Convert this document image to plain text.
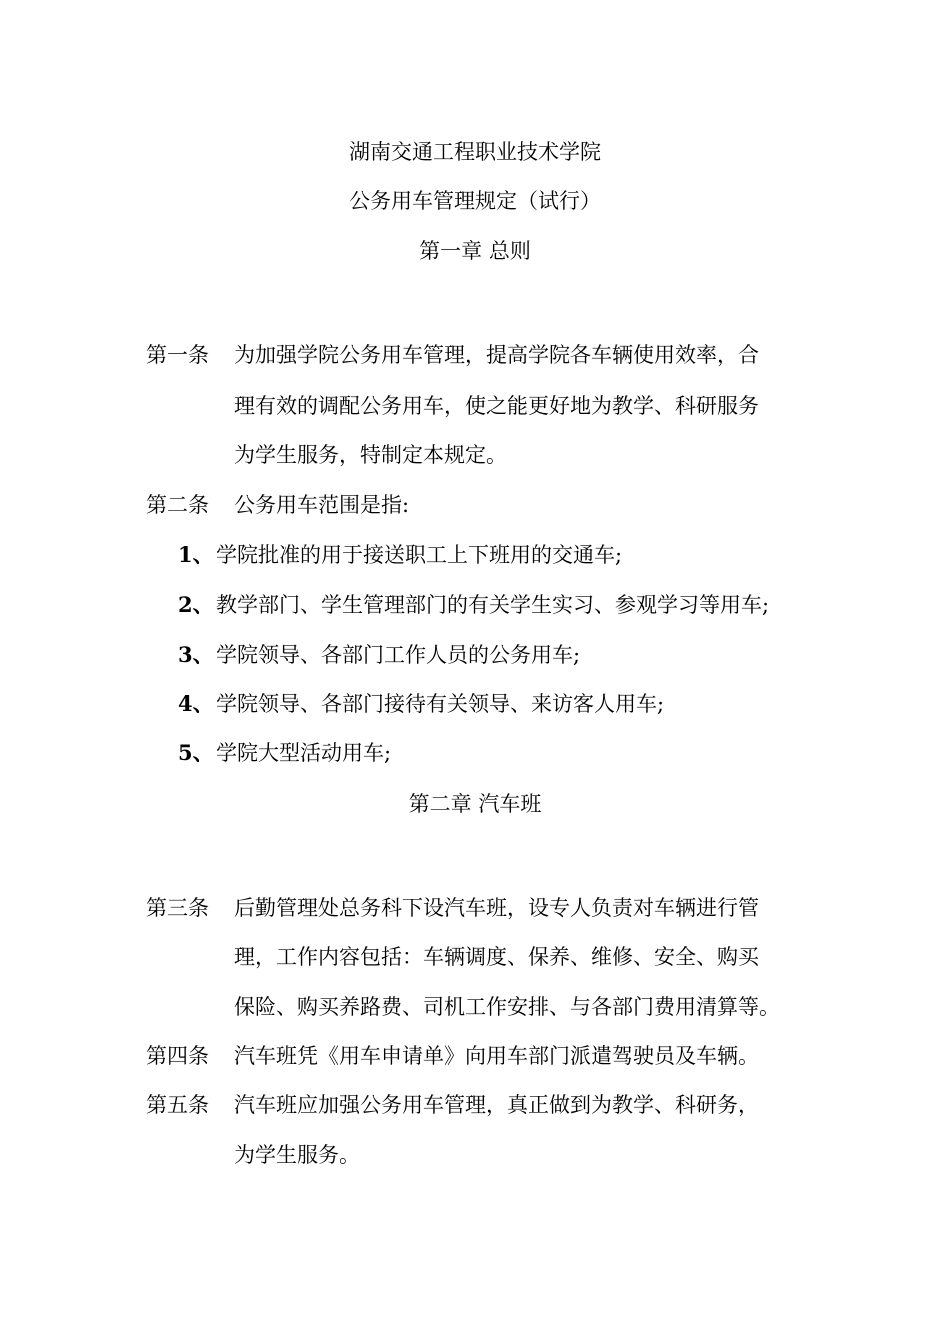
湖南交通工程职业技术学院
公务用车管理规定（试行）
第一章 总则
第一条 为加强学院公务用车管理，提高学院各车辆使用效率，合
理有效的调配公务用车，使之能更好地为教学、科研服务
为学生服务，特制定本规定。
第二条 公务用车范围是指:
1、 学院批准的用于接送职工上下班用的交通车;
2、 教学部门、学生管理部门的有关学生实习、参观学习等用车;
3、 学院领导、各部门工作人员的公务用车;
4、 学院领导、各部门接待有关领导、来访客人用车;
5、 学院大型活动用车;
第二章 汽车班
第三条 后勤管理处总务科下设汽车班，设专人负责对车辆进行管
理，工作内容包括：车辆调度、保养、维修、安全、购买
保险、购买养路费、司机工作安排、与各部门费用清算等。
第四条 汽车班凭《用车申请单》向用车部门派遣驾驶员及车辆。
第五条 汽车班应加强公务用车管理，真正做到为教学、科研务，
为学生服务。
